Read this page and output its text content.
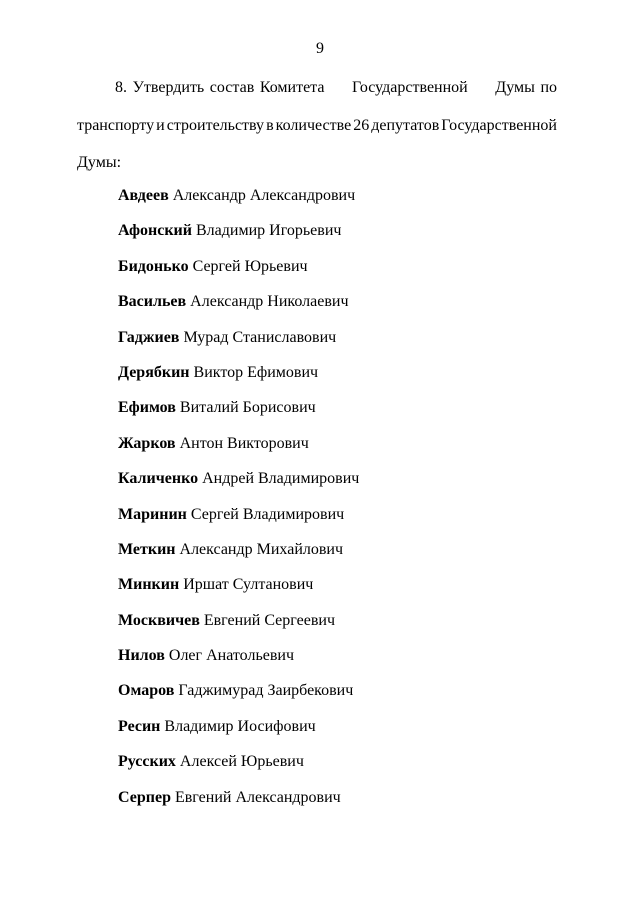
9
8. Утвердить состав Комитета Государственной Думы по
транспорту и строительству в количестве 26 депутатов Государственной
Думы:
Авдеев Александр Александрович
Афонский Владимир Игорьевич
Бидонько Сергей Юрьевич
Васильев Александр Николаевич
Гаджиев Мурад Станиславович
Дерябкин Виктор Ефимович
Ефимов Виталий Борисович
Жарков Антон Викторович
Каличенко Андрей Владимирович
Маринин Сергей Владимирович
Меткин Александр Михайлович
Минкин Иршат Султанович
Москвичев Евгений Сергеевич
Нилов Олег Анатольевич
Омаров Гаджимурад Заирбекович
Ресин Владимир Иосифович
Русских Алексей Юрьевич
Серпер Евгений Александрович
